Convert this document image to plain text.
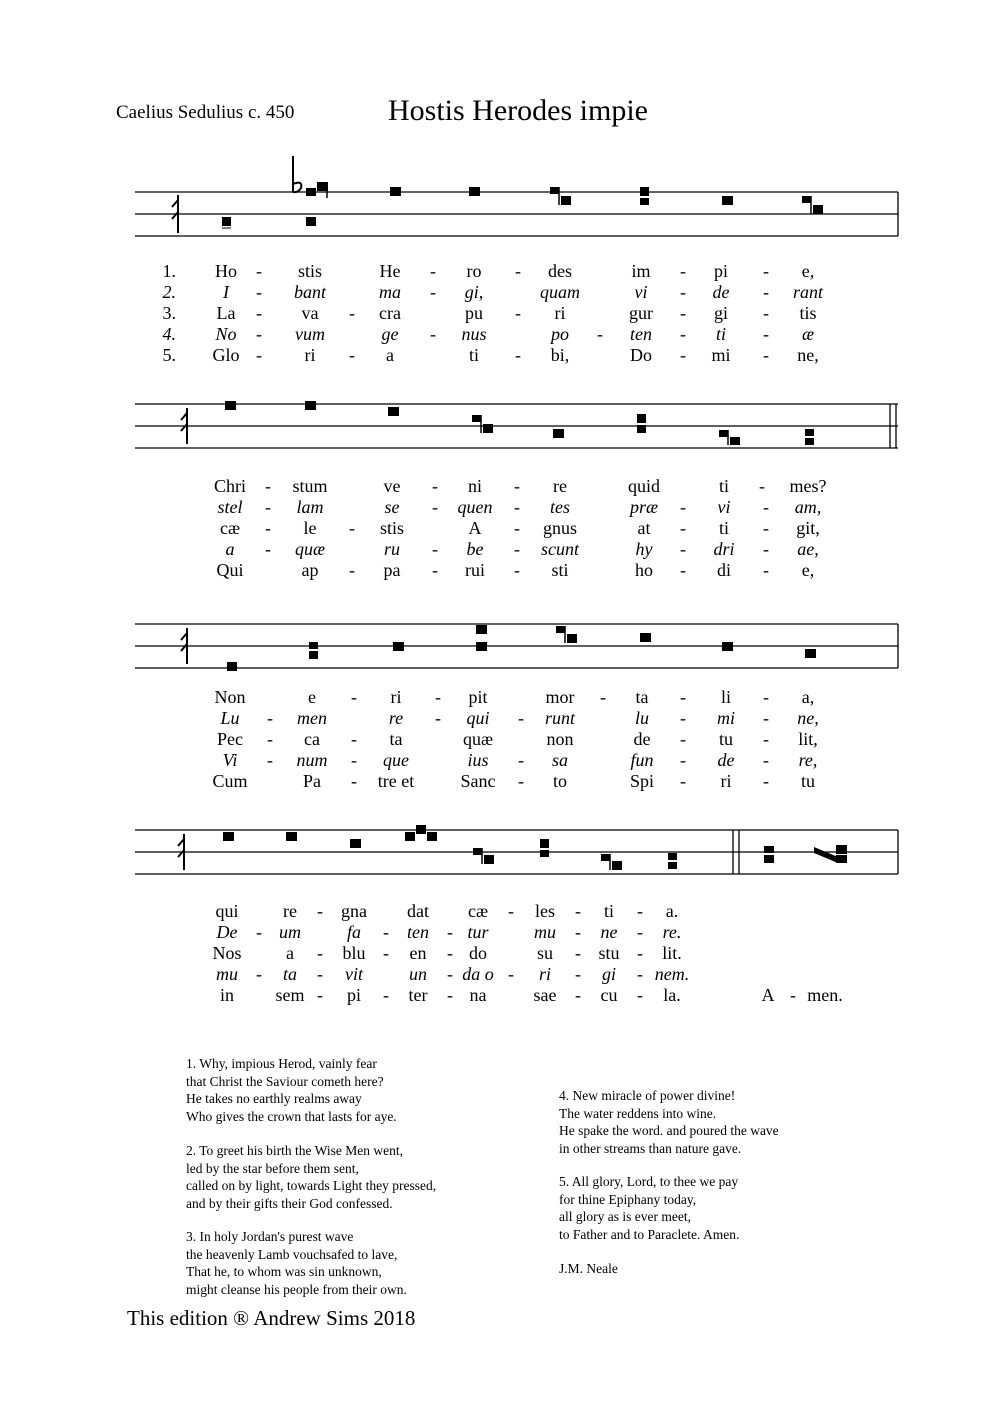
Caelius Sedulius c. 450	Hostis Herodes impie
1. Ho - stis	He - ro - des	im - pi - e,
2.	I - bant	ma - gi,	quam	vi - de - rant
3. La - va - cra	pu - ri	gur - gi - tis
4. No - vum	ge - nus	po - ten - ti - æ
5. Glo - ri - a	ti - bi,	Do - mi - ne,
Chri - stum	ve - ni - re	quid	ti - mes?
stel - lam	se - quen - tes	præ - vi - am,
cæ - le - stis	A - gnus	at - ti - git,
a - quæ	ru - be - scunt	hy - dri - ae,
Qui	ap - pa - rui - sti	ho - di - e,
Non	e - ri - pit	mor - ta - li - a,
Lu - men	re - qui - runt	lu - mi - ne,
Pec - ca - ta	quæ	non	de - tu - lit,
Vi - num - que	ius - sa	fun - de - re,
Cum	Pa - tre et	Sanc - to	Spi - ri - tu
qui re - gna dat cæ - les - ti - a.
De - um	fa - ten - tur	mu - ne - re.
Nos a - blu - en - do	su - stu - lit.
mu - ta - vit	un - da o - ri - gi - nem.
in sem - pi - ter - na	sae - cu - la.	A - men.
1. Why, impious Herod, vainly fear
that Christ the Saviour cometh here?
He takes no earthly realms away
Who gives the crown that lasts for aye.
2. To greet his birth the Wise Men went,
led by the star before them sent,
called on by light, towards Light they pressed,
and by their gifts their God confessed.
3. In holy Jordan's purest wave
the heavenly Lamb vouchsafed to lave,
That he, to whom was sin unknown,
might cleanse his people from their own.
4. New miracle of power divine!
The water reddens into wine.
He spake the word. and poured the wave
in other streams than nature gave.
5. All glory, Lord, to thee we pay
for thine Epiphany today,
all glory as is ever meet,
to Father and to Paraclete. Amen.
J.M. Neale
This edition ® Andrew Sims 2018
